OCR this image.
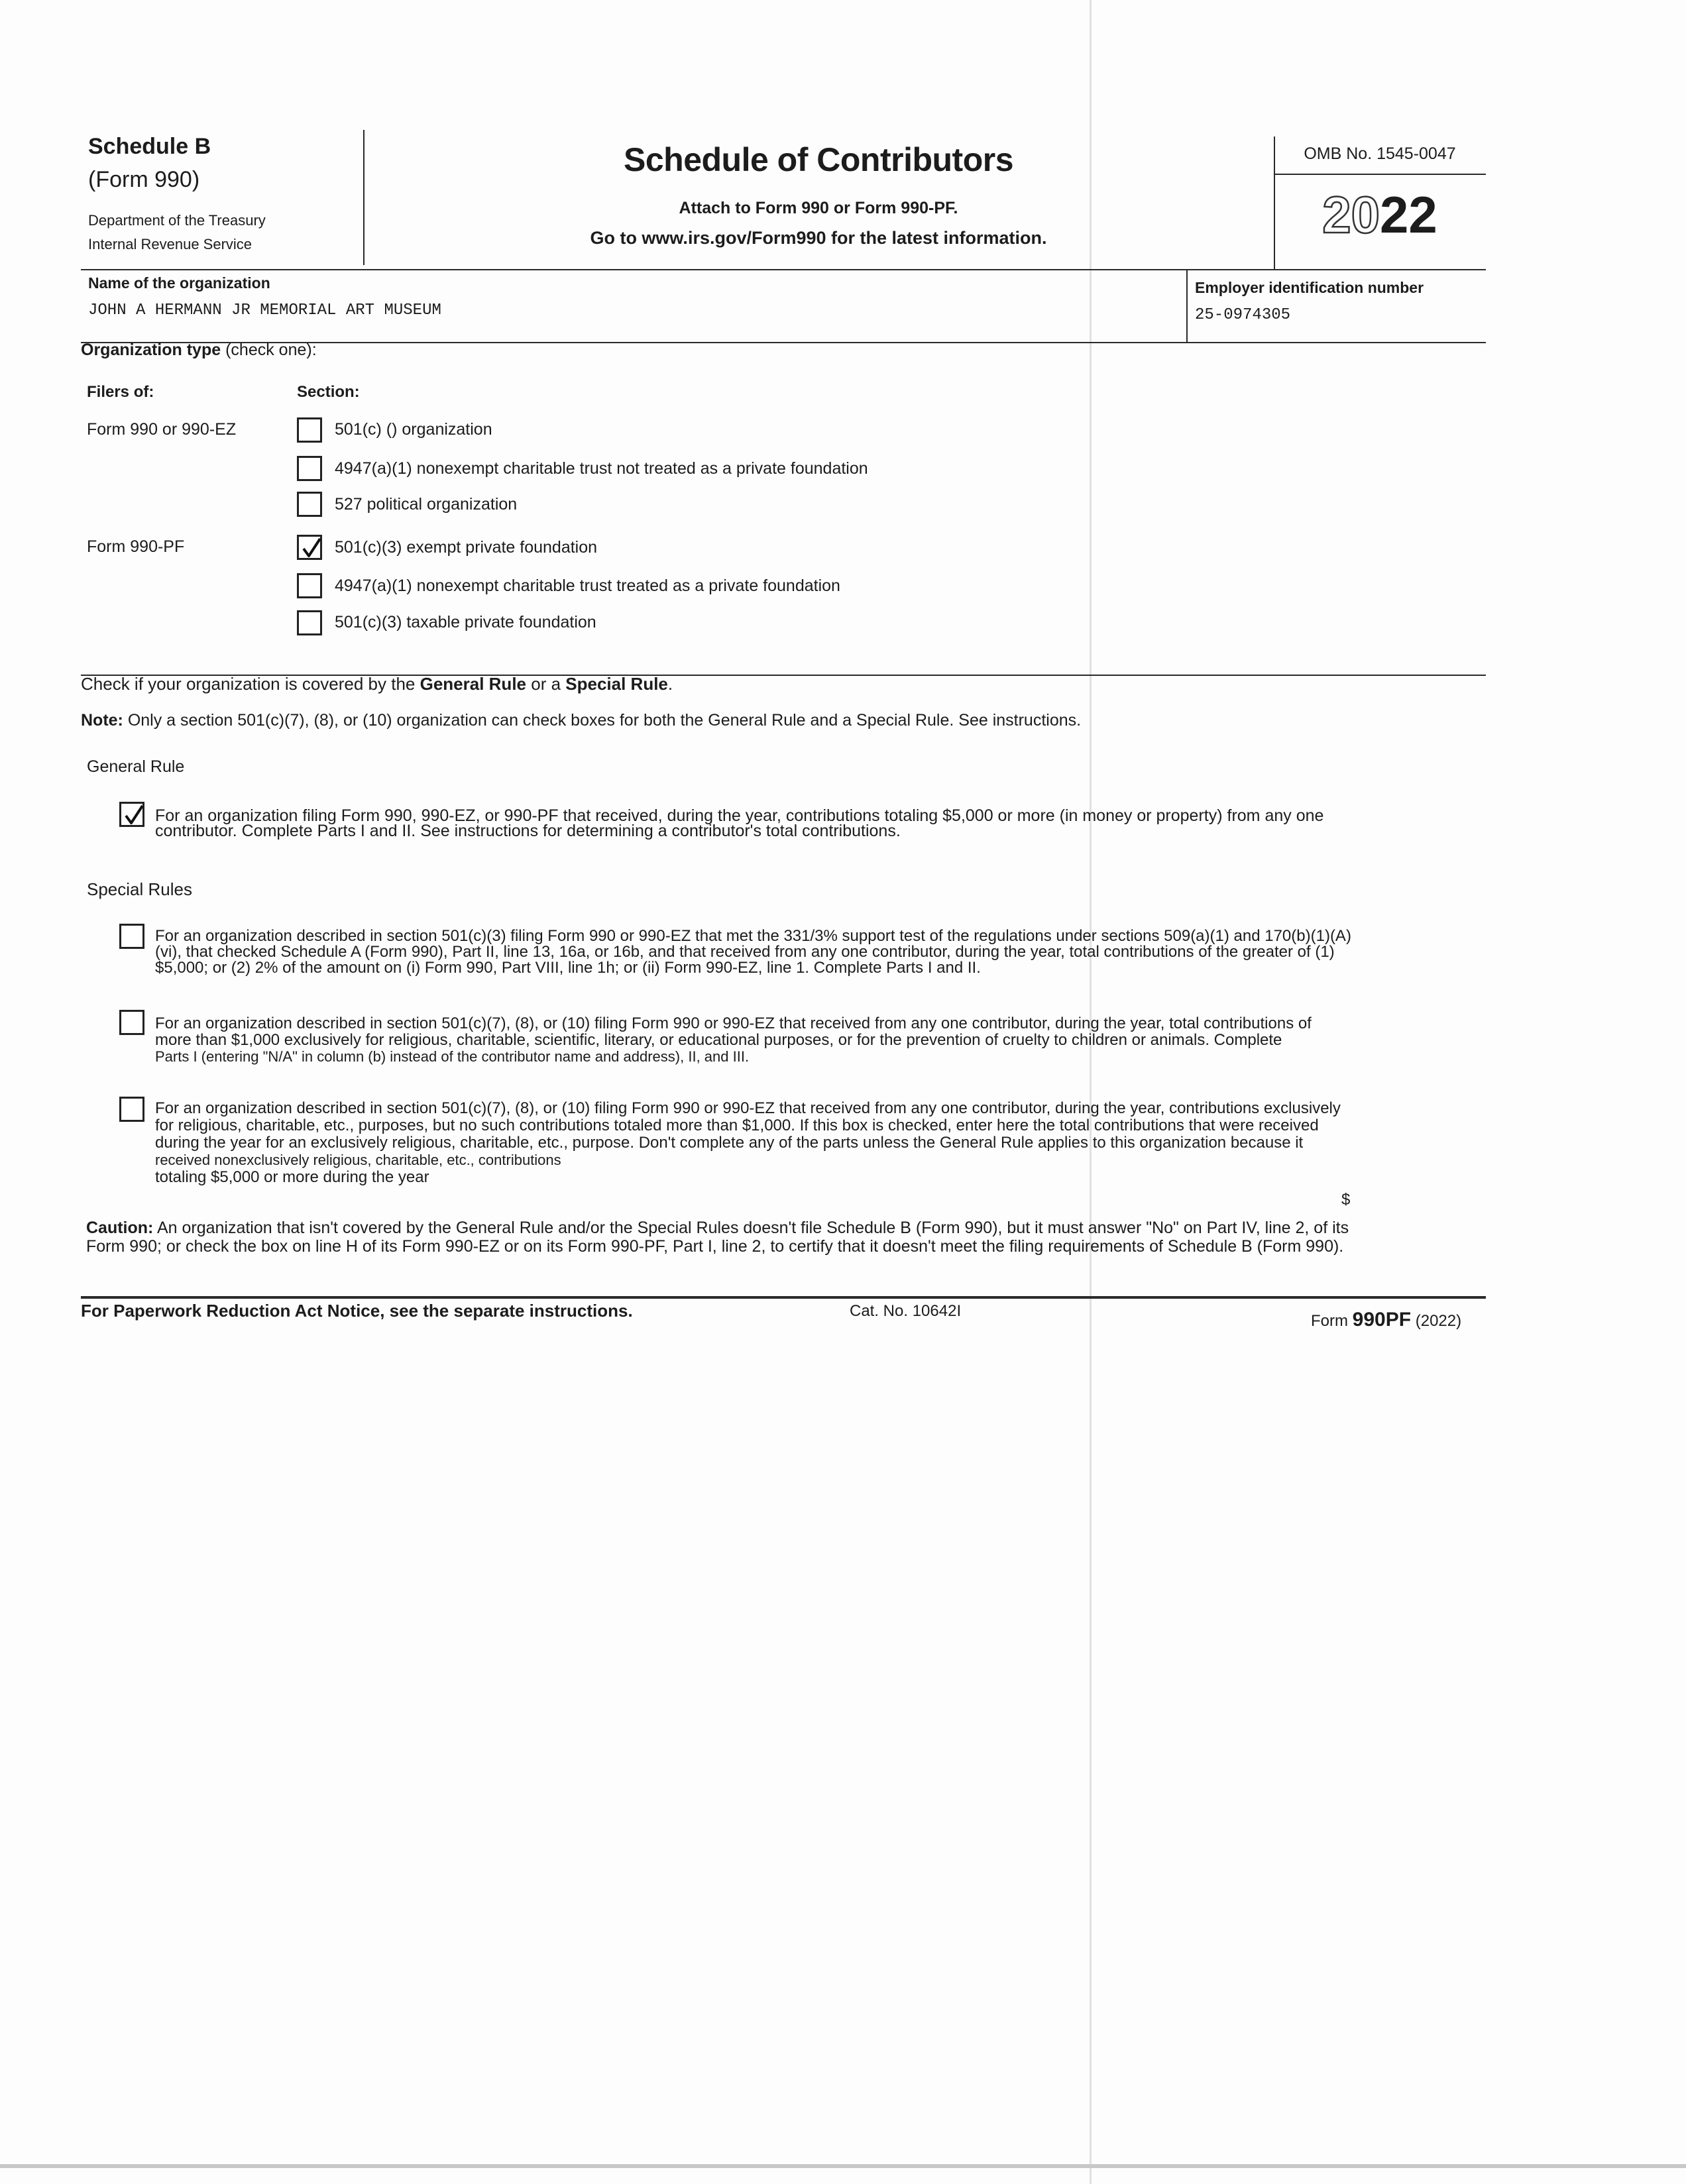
Schedule B
(Form 990)
Department of the Treasury
Internal Revenue Service
Schedule of Contributors
Attach to Form 990 or Form 990-PF.
Go to www.irs.gov/Form990 for the latest information.
OMB No. 1545-0047
2022
Name of the organization
JOHN A HERMANN JR MEMORIAL ART MUSEUM
Employer identification number
25-0974305
Organization type (check one):
Filers of:	Section:
Form 990 or 990-EZ
Form 990-PF
501(c) () organization
4947(a)(1) nonexempt charitable trust not treated as a private foundation
527 political organization
501(c)(3) exempt private foundation
4947(a)(1) nonexempt charitable trust treated as a private foundation
501(c)(3) taxable private foundation
Check if your organization is covered by the General Rule or a Special Rule.
Note: Only a section 501(c)(7), (8), or (10) organization can check boxes for both the General Rule and a Special Rule. See instructions.
General Rule
For an organization filing Form 990, 990-EZ, or 990-PF that received, during the year, contributions totaling $5,000 or more (in money or property) from any one
contributor. Complete Parts I and II. See instructions for determining a contributor's total contributions.
Special Rules
For an organization described in section 501(c)(3) filing Form 990 or 990-EZ that met the 331/3% support test of the regulations under sections 509(a)(1) and 170(b)(1)(A)
(vi), that checked Schedule A (Form 990), Part II, line 13, 16a, or 16b, and that received from any one contributor, during the year, total contributions of the greater of (1)
$5,000; or (2) 2% of the amount on (i) Form 990, Part VIII, line 1h; or (ii) Form 990-EZ, line 1. Complete Parts I and II.
For an organization described in section 501(c)(7), (8), or (10) filing Form 990 or 990-EZ that received from any one contributor, during the year, total contributions of
more than $1,000 exclusively for religious, charitable, scientific, literary, or educational purposes, or for the prevention of cruelty to children or animals. Complete
Parts I (entering "N/A" in column (b) instead of the contributor name and address), II, and III.
For an organization described in section 501(c)(7), (8), or (10) filing Form 990 or 990-EZ that received from any one contributor, during the year, contributions exclusively
for religious, charitable, etc., purposes, but no such contributions totaled more than $1,000. If this box is checked, enter here the total contributions that were received
during the year for an exclusively religious, charitable, etc., purpose. Don't complete any of the parts unless the General Rule applies to this organization because it
received nonexclusively religious, charitable, etc., contributions
totaling $5,000 or more during the year
$
Caution: An organization that isn't covered by the General Rule and/or the Special Rules doesn't file Schedule B (Form 990), but it must answer "No" on Part IV, line 2, of its
Form 990; or check the box on line H of its Form 990-EZ or on its Form 990-PF, Part I, line 2, to certify that it doesn't meet the filing requirements of Schedule B (Form 990).
For Paperwork Reduction Act Notice, see the separate instructions.	Cat. No. 10642I
Form 990PF (2022)
